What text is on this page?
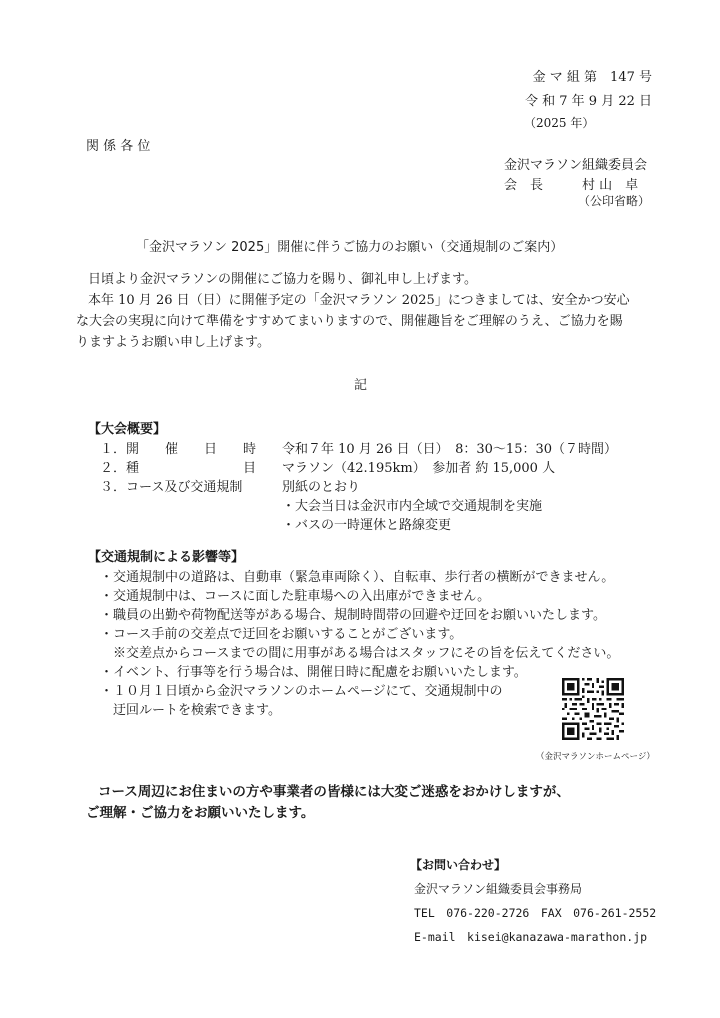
金 マ 組 第　147 号
令 和 7 年 9 月 22 日
（2025 年）
関 係 各 位
金沢マラソン組織委員会
会　長　　　村 山　卓
（公印省略）
「金沢マラソン 2025」開催に伴うご協力のお願い（交通規制のご案内）
日頃より金沢マラソンの開催にご協力を賜り、御礼申し上げます。
本年 10 月 26 日（日）に開催予定の「金沢マラソン 2025」につきましては、安全かつ安心
な大会の実現に向けて準備をすすめてまいりますので、開催趣旨をご理解のうえ、ご協力を賜
りますようお願い申し上げます。
記
【大会概要】
１．開　　催　　日　　時 令和７年 10 月 26 日（日）　8：30～15：30（７時間）
２．種　　　　　　　　目 マラソン（42.195km）　参加者 約 15,000 人
３．コース及び交通規制	別紙のとおり
・大会当日は金沢市内全域で交通規制を実施
・バスの一時運休と路線変更
【交通規制による影響等】
・交通規制中の道路は、自動車（緊急車両除く）、自転車、歩行者の横断ができません。
・交通規制中は、コースに面した駐車場への入出庫ができません。
・職員の出勤や荷物配送等がある場合、規制時間帯の回避や迂回をお願いいたします。
・コース手前の交差点で迂回をお願いすることがございます。
　※交差点からコースまでの間に用事がある場合はスタッフにその旨を伝えてください。
・イベント、行事等を行う場合は、開催日時に配慮をお願いいたします。
・１０月１日頃から金沢マラソンのホームページにて、交通規制中の
　迂回ルートを検索できます。
（金沢マラソンホームページ）
コース周辺にお住まいの方や事業者の皆様には大変ご迷惑をおかけしますが、
ご理解・ご協力をお願いいたします。
【お問い合わせ】
金沢マラソン組織委員会事務局
TEL　076-220-2726　FAX　076-261-2552
E-mail　kisei@kanazawa-marathon.jp
